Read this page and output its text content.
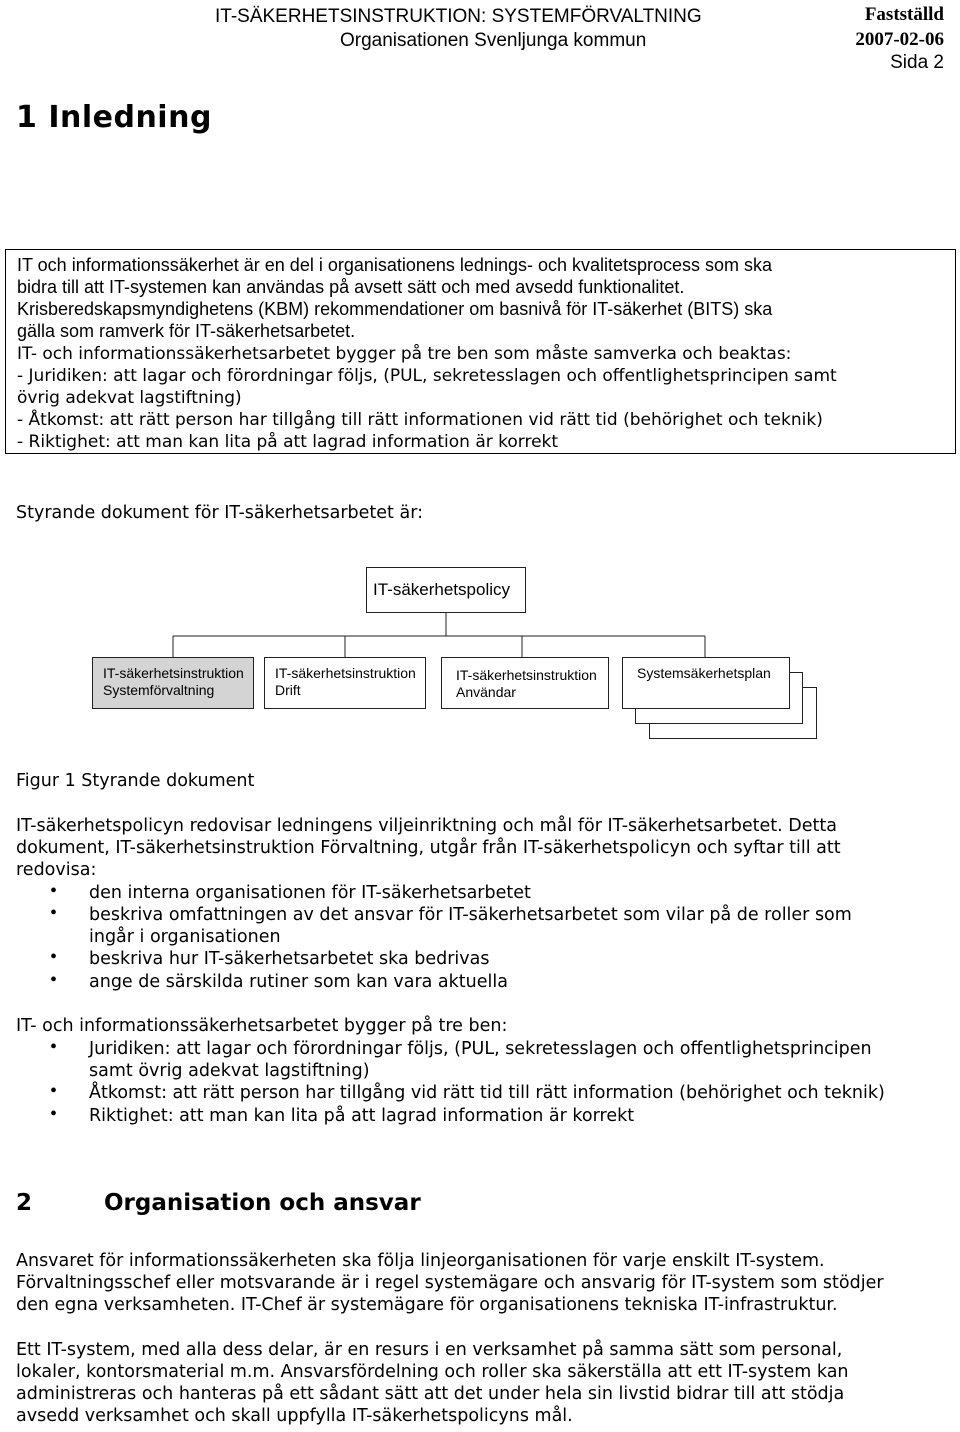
IT-SÄKERHETSINSTRUKTION: SYSTEMFÖRVALTNING
Organisationen Svenljunga kommun
Fastställd
2007-02-06
Sida 2
1 Inledning
IT och informationssäkerhet är en del i organisationens lednings- och kvalitetsprocess som ska
bidra till att IT-systemen kan användas på avsett sätt och med avsedd funktionalitet.
Krisberedskapsmyndighetens (KBM) rekommendationer om basnivå för IT-säkerhet (BITS) ska
gälla som ramverk för IT-säkerhetsarbetet.
IT- och informationssäkerhetsarbetet bygger på tre ben som måste samverka och beaktas:
- Juridiken: att lagar och förordningar följs, (PUL, sekretesslagen och offentlighetsprincipen samt
övrig adekvat lagstiftning)
- Åtkomst: att rätt person har tillgång till rätt informationen vid rätt tid (behörighet och teknik)
- Riktighet: att man kan lita på att lagrad information är korrekt
Styrande dokument för IT-säkerhetsarbetet är:
IT-säkerhetspolicy
IT-säkerhetsinstruktion
Systemförvaltning
IT-säkerhetsinstruktion
Drift
IT-säkerhetsinstruktion
Användar
Systemsäkerhetsplan
Figur 1 Styrande dokument
IT-säkerhetspolicyn redovisar ledningens viljeinriktning och mål för IT-säkerhetsarbetet. Detta
dokument, IT-säkerhetsinstruktion Förvaltning, utgår från IT-säkerhetspolicyn och syftar till att
redovisa:
• den interna organisationen för IT-säkerhetsarbetet
• beskriva omfattningen av det ansvar för IT-säkerhetsarbetet som vilar på de roller som
ingår i organisationen
• beskriva hur IT-säkerhetsarbetet ska bedrivas
• ange de särskilda rutiner som kan vara aktuella
IT- och informationssäkerhetsarbetet bygger på tre ben:
• Juridiken: att lagar och förordningar följs, (PUL, sekretesslagen och offentlighetsprincipen
samt övrig adekvat lagstiftning)
• Åtkomst: att rätt person har tillgång vid rätt tid till rätt information (behörighet och teknik)
• Riktighet: att man kan lita på att lagrad information är korrekt
2	Organisation och ansvar
Ansvaret för informationssäkerheten ska följa linjeorganisationen för varje enskilt IT-system.
Förvaltningsschef eller motsvarande är i regel systemägare och ansvarig för IT-system som stödjer
den egna verksamheten. IT-Chef är systemägare för organisationens tekniska IT-infrastruktur.
Ett IT-system, med alla dess delar, är en resurs i en verksamhet på samma sätt som personal,
lokaler, kontorsmaterial m.m. Ansvarsfördelning och roller ska säkerställa att ett IT-system kan
administreras och hanteras på ett sådant sätt att det under hela sin livstid bidrar till att stödja
avsedd verksamhet och skall uppfylla IT-säkerhetspolicyns mål.
